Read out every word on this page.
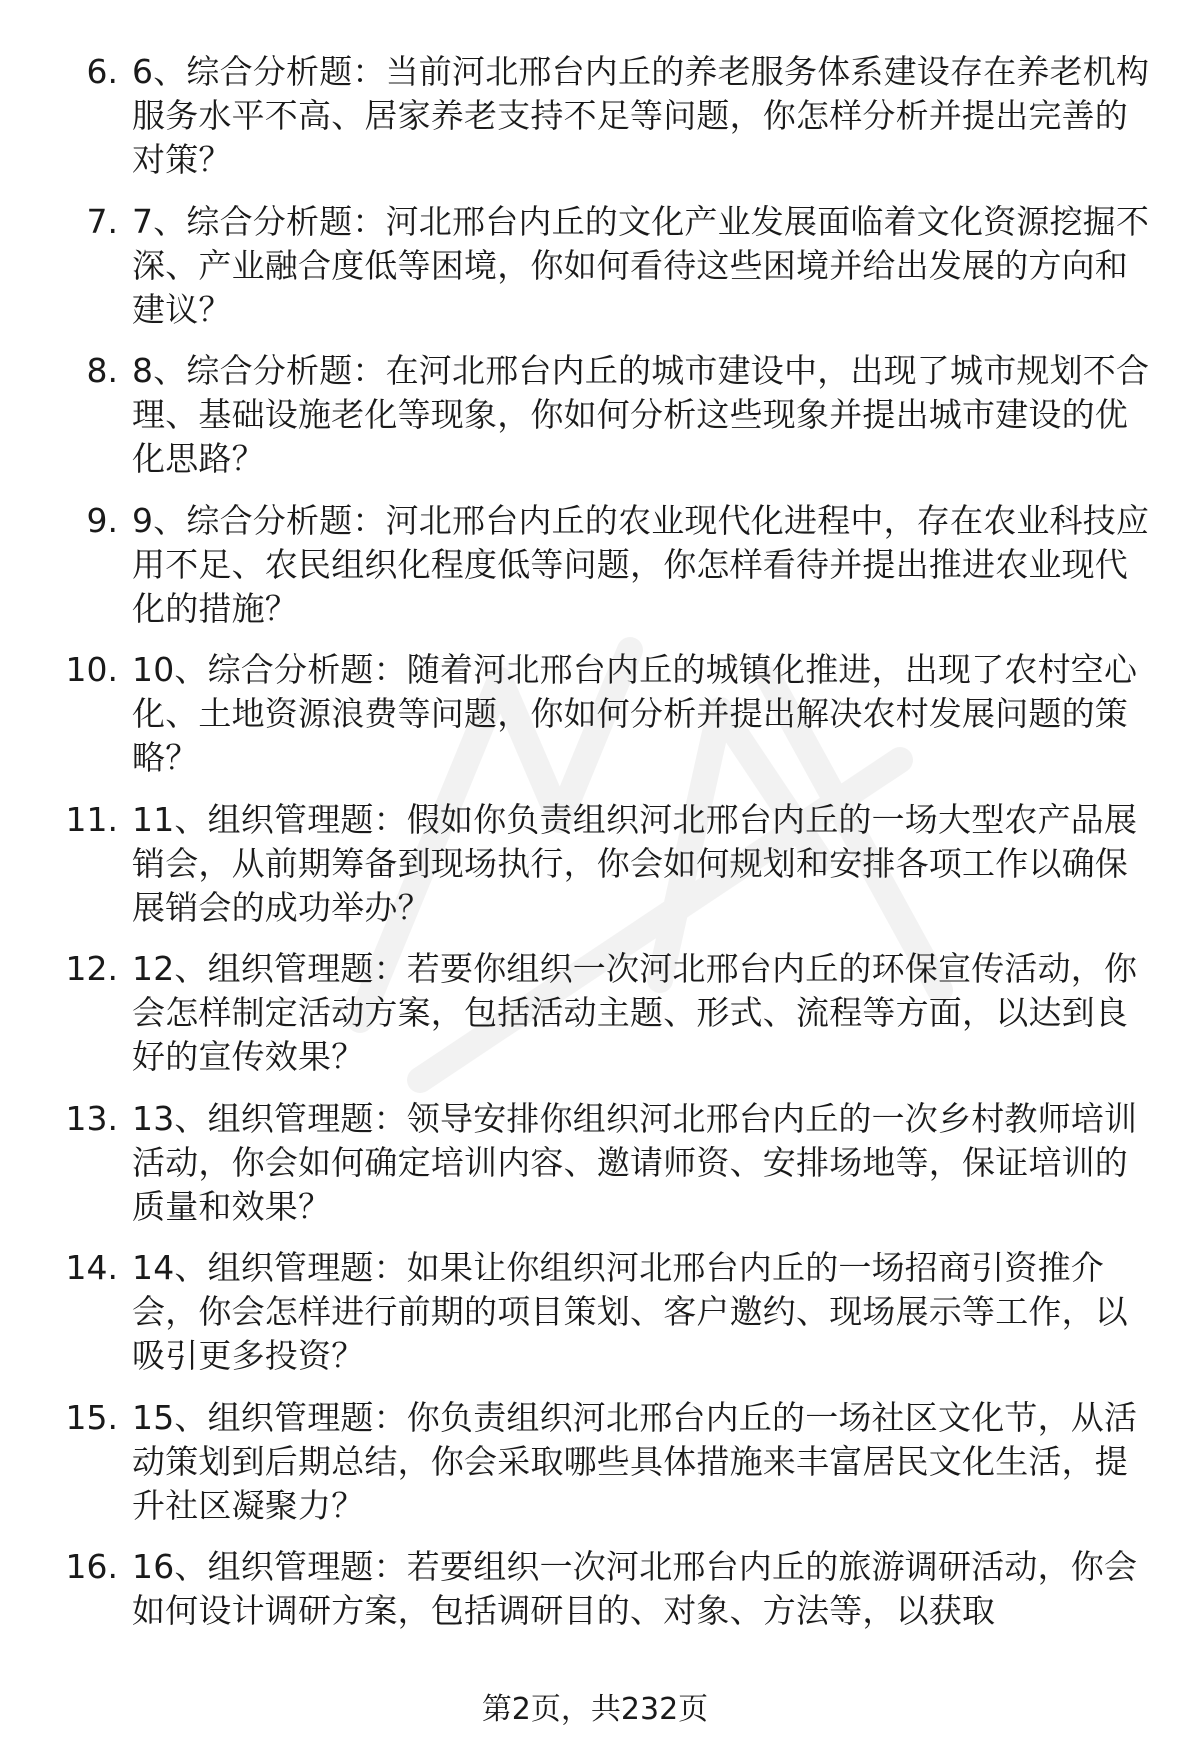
6. 6、综合分析题：当前河北邢台内丘的养老服务体系建设存在养老机构服务水平不高、居家养老支持不足等问题，你怎样分析并提出完善的对策？
7. 7、综合分析题：河北邢台内丘的文化产业发展面临着文化资源挖掘不深、产业融合度低等困境，你如何看待这些困境并给出发展的方向和建议？
8. 8、综合分析题：在河北邢台内丘的城市建设中，出现了城市规划不合理、基础设施老化等现象，你如何分析这些现象并提出城市建设的优化思路？
9. 9、综合分析题：河北邢台内丘的农业现代化进程中，存在农业科技应用不足、农民组织化程度低等问题，你怎样看待并提出推进农业现代化的措施？
10. 10、综合分析题：随着河北邢台内丘的城镇化推进，出现了农村空心化、土地资源浪费等问题，你如何分析并提出解决农村发展问题的策略？
11. 11、组织管理题：假如你负责组织河北邢台内丘的一场大型农产品展销会，从前期筹备到现场执行，你会如何规划和安排各项工作以确保展销会的成功举办？
12. 12、组织管理题：若要你组织一次河北邢台内丘的环保宣传活动，你会怎样制定活动方案，包括活动主题、形式、流程等方面，以达到良好的宣传效果？
13. 13、组织管理题：领导安排你组织河北邢台内丘的一次乡村教师培训活动，你会如何确定培训内容、邀请师资、安排场地等，保证培训的质量和效果？
14. 14、组织管理题：如果让你组织河北邢台内丘的一场招商引资推介会，你会怎样进行前期的项目策划、客户邀约、现场展示等工作，以吸引更多投资？
15. 15、组织管理题：你负责组织河北邢台内丘的一场社区文化节，从活动策划到后期总结，你会采取哪些具体措施来丰富居民文化生活，提升社区凝聚力？
16. 16、组织管理题：若要组织一次河北邢台内丘的旅游调研活动，你会如何设计调研方案，包括调研目的、对象、方法等，以获取
第2页，共232页
